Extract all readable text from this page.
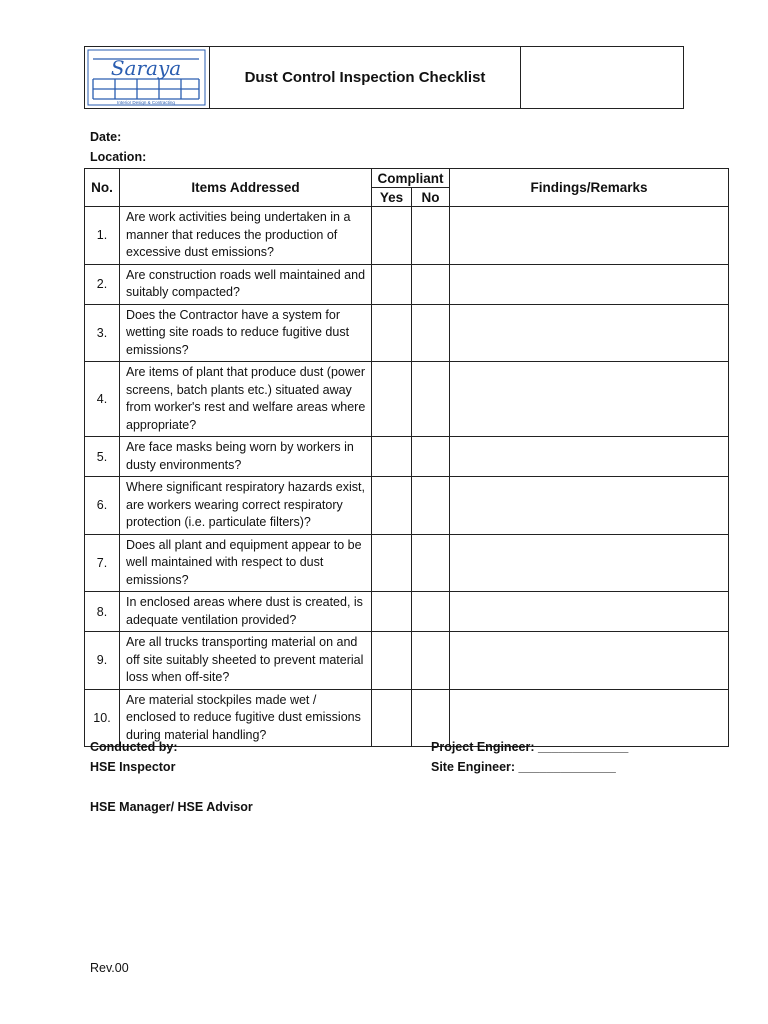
Saraya
Interior Design & Contracting
Dust Control Inspection Checklist
Date:
Location:
No.	Items Addressed	Compliant		Findings/Remarks
		Yes	No	
1.	Are work activities being undertaken in a manner that reduces the production of excessive dust emissions?			
2.	Are construction roads well maintained and suitably compacted?			
3.	Does the Contractor have a system for wetting site roads to reduce fugitive dust emissions?			
4.	Are items of plant that produce dust (power screens, batch plants etc.) situated away from worker's rest and welfare areas where appropriate?			
5.	Are face masks being worn by workers in dusty environments?			
6.	Where significant respiratory hazards exist, are workers wearing correct respiratory protection (i.e. particulate filters)?			
7.	Does all plant and equipment appear to be well maintained with respect to dust emissions?			
8.	In enclosed areas where dust is created, is adequate ventilation provided?			
9.	Are all trucks transporting material on and off site suitably sheeted to prevent material loss when off-site?			
10.	Are material stockpiles made wet / enclosed to reduce fugitive dust emissions during material handling?			
Conducted by:
HSE Inspector
HSE Manager/ HSE Advisor
Project Engineer: _____________
Site Engineer: ______________
Rev.00
